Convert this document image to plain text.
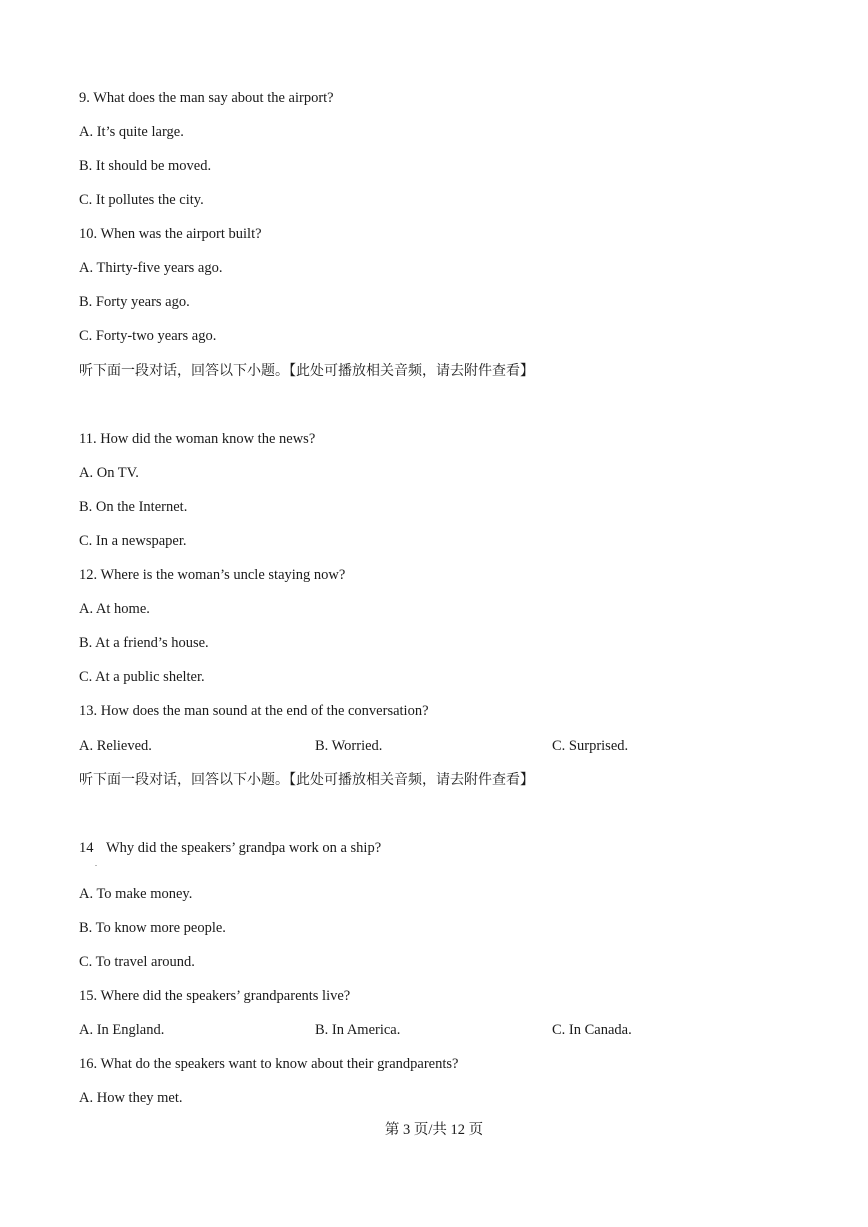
9. What does the man say about the airport?
A. It’s quite large.
B. It should be moved.
C. It pollutes the city.
10. When was the airport built?
A. Thirty-five years ago.
B. Forty years ago.
C. Forty-two years ago.
听下面一段对话，回答以下小题。【此处可播放相关音频，请去附件查看】
11. How did the woman know the news?
A. On TV.
B. On the Internet.
C. In a newspaper.
12. Where is the woman’s uncle staying now?
A. At home.
B. At a friend’s house.
C. At a public shelter.
13. How does the man sound at the end of the conversation?
A. Relieved.	B. Worried.	C. Surprised.
听下面一段对话，回答以下小题。【此处可播放相关音频，请去附件查看】
14
.
Why did the speakers’ grandpa work on a ship?
A. To make money.
B. To know more people.
C. To travel around.
15. Where did the speakers’ grandparents live?
A. In England.	B. In America.	C. In Canada.
16. What do the speakers want to know about their grandparents?
A. How they met.
第 3 页/共 12 页
